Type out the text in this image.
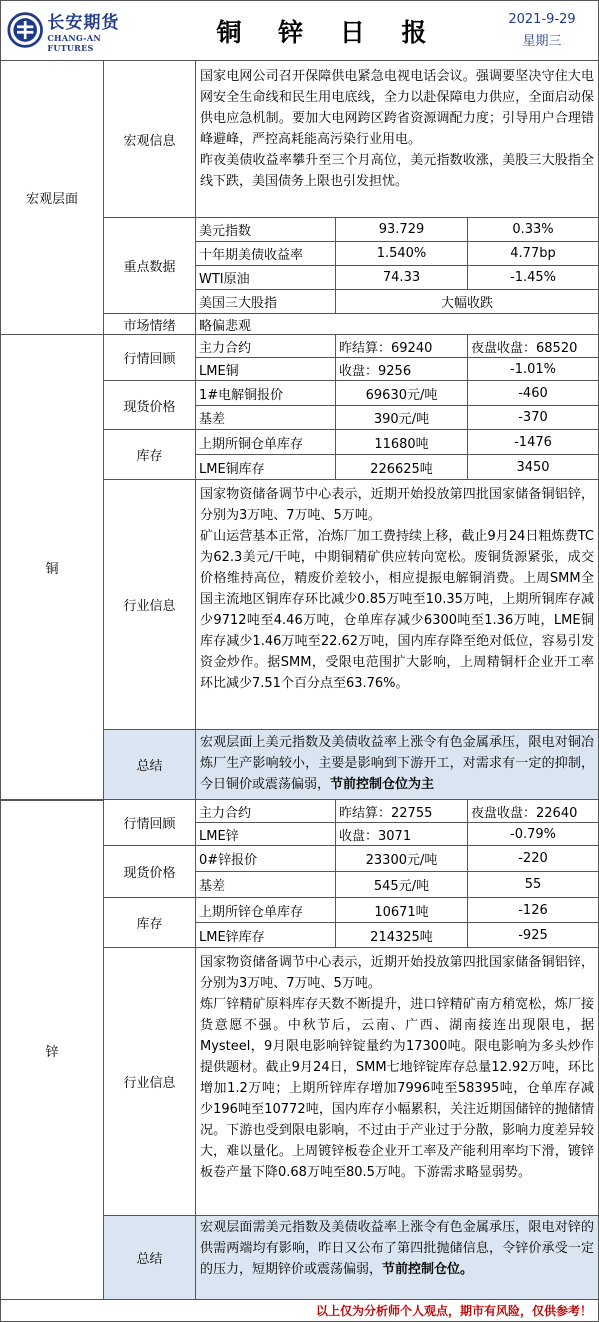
长安期货
CHANG-AN FUTURES
铜 锌 日 报	2021-9-29
星期三
宏观层面
宏观信息
国家电网公司召开保障供电紧急电视电话会议。强调要坚决守住大电网安全生命线和民生用电底线，全力以赴保障电力供应，全面启动保供电应急机制。要加大电网跨区跨省资源调配力度；引导用户合理错峰避峰，严控高耗能高污染行业用电。
昨夜美债收益率攀升至三个月高位，美元指数收涨，美股三大股指全线下跌，美国债务上限也引发担忧。
重点数据
美元指数	93.729	0.33%
十年期美债收益率	1.540%	4.77bp
WTI原油	74.33	-1.45%
美国三大股指	大幅收跌
市场情绪	略偏悲观
铜
行情回顾
主力合约	昨结算：69240	夜盘收盘：68520
LME铜	收盘：9256	-1.01%
现货价格
1#电解铜报价	69630元/吨	-460
基差	390元/吨	-370
库存
上期所铜仓单库存	11680吨	-1476
LME铜库存	226625吨	3450
行业信息
国家物资储备调节中心表示，近期开始投放第四批国家储备铜铝锌，分别为3万吨、7万吨、5万吨。
矿山运营基本正常，冶炼厂加工费持续上移，截止9月24日粗炼费TC为62.3美元/干吨，中期铜精矿供应转向宽松。废铜货源紧张，成交价格维持高位，精废价差较小，相应提振电解铜消费。上周SMM全国主流地区铜库存环比减少0.85万吨至10.35万吨，上期所铜库存减少9712吨至4.46万吨，仓单库存减少6300吨至1.36万吨，LME铜库存减少1.46万吨至22.62万吨，国内库存降至绝对低位，容易引发资金炒作。据SMM，受限电范围扩大影响，上周精铜杆企业开工率环比减少7.51个百分点至63.76%。
总结
宏观层面上美元指数及美债收益率上涨令有色金属承压，限电对铜冶炼厂生产影响较小，主要是影响到下游开工，对需求有一定的抑制，今日铜价或震荡偏弱，节前控制仓位为主
锌
行情回顾
主力合约	昨结算：22755	夜盘收盘：22640
LME锌	收盘：3071	-0.79%
现货价格
0#锌报价	23300元/吨	-220
基差	545元/吨	55
库存
上期所锌仓单库存	10671吨	-126
LME锌库存	214325吨	-925
行业信息
国家物资储备调节中心表示，近期开始投放第四批国家储备铜铝锌，分别为3万吨、7万吨、5万吨。
炼厂锌精矿原料库存天数不断提升，进口锌精矿南方稍宽松，炼厂接货意愿不强。中秋节后，云南、广西、湖南接连出现限电，据Mysteel，9月限电影响锌锭量约为17300吨。限电影响为多头炒作提供题材。截止9月24日，SMM七地锌锭库存总量12.92万吨，环比增加1.2万吨；上期所锌库存增加7996吨至58395吨，仓单库存减少196吨至10772吨，国内库存小幅累积，关注近期国储锌的抛储情况。下游也受到限电影响，不过由于产业过于分散，影响力度差异较大，难以量化。上周镀锌板卷企业开工率及产能利用率均下滑，镀锌板卷产量下降0.68万吨至80.5万吨。下游需求略显弱势。
总结
宏观层面需美元指数及美债收益率上涨令有色金属承压，限电对锌的供需两端均有影响，昨日又公布了第四批抛储信息，令锌价承受一定的压力，短期锌价或震荡偏弱，节前控制仓位。
以上仅为分析师个人观点，期市有风险，仅供参考！
